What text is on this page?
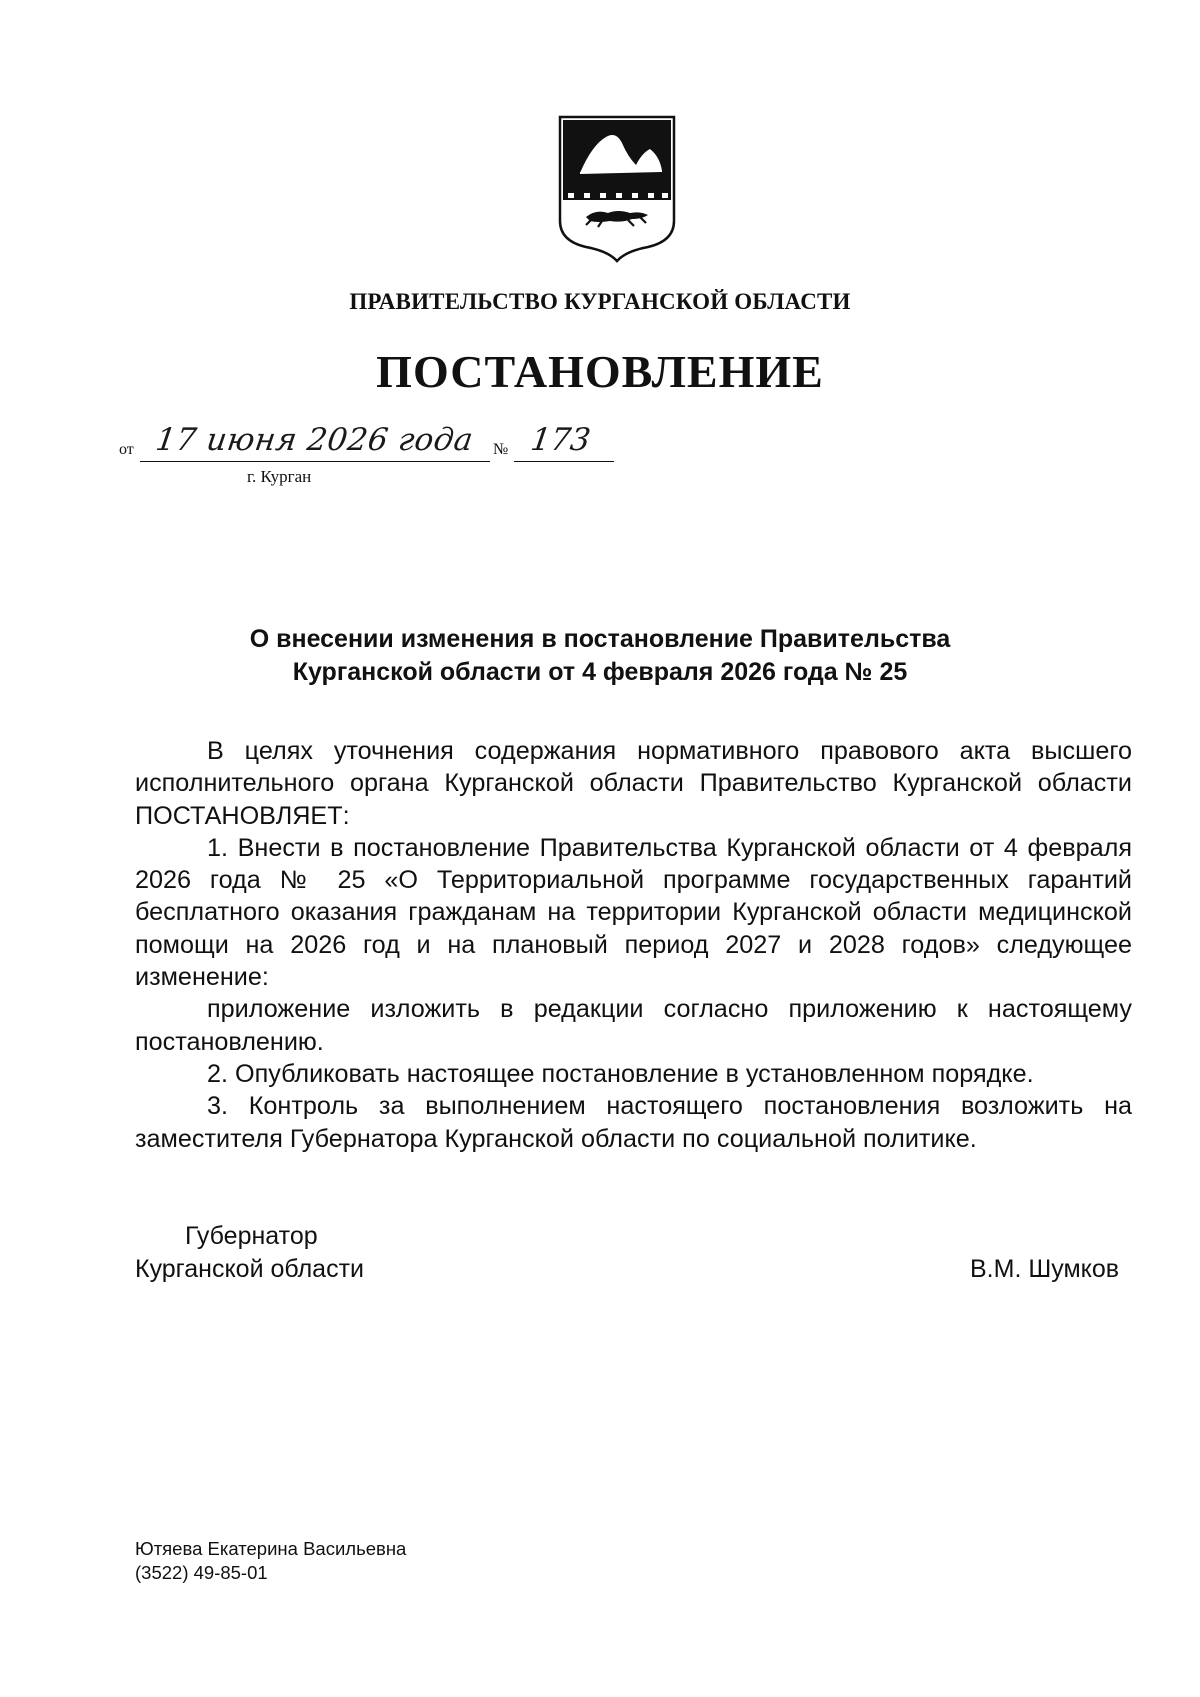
ПРАВИТЕЛЬСТВО КУРГАНСКОЙ ОБЛАСТИ
ПОСТАНОВЛЕНИЕ
от 17 июня 2026 года № 173
г. Курган
О внесении изменения в постановление Правительства
Курганской области от 4 февраля 2026 года № 25

В целях уточнения содержания нормативного правового акта высшего исполнительного органа Курганской области Правительство Курганской области ПОСТАНОВЛЯЕТ:

1. Внести в постановление Правительства Курганской области от 4 февраля 2026 года № 25 «О Территориальной программе государственных гарантий бесплатного оказания гражданам на территории Курганской области медицинской помощи на 2026 год и на плановый период 2027 и 2028 годов» следующее изменение:

приложение изложить в редакции согласно приложению к настоящему постановлению.

2. Опубликовать настоящее постановление в установленном порядке.

3. Контроль за выполнением настоящего постановления возложить на заместителя Губернатора Курганской области по социальной политике.

Губернатор
Курганской области	В.М. Шумков
Ютяева Екатерина Васильевна
(3522) 49-85-01
